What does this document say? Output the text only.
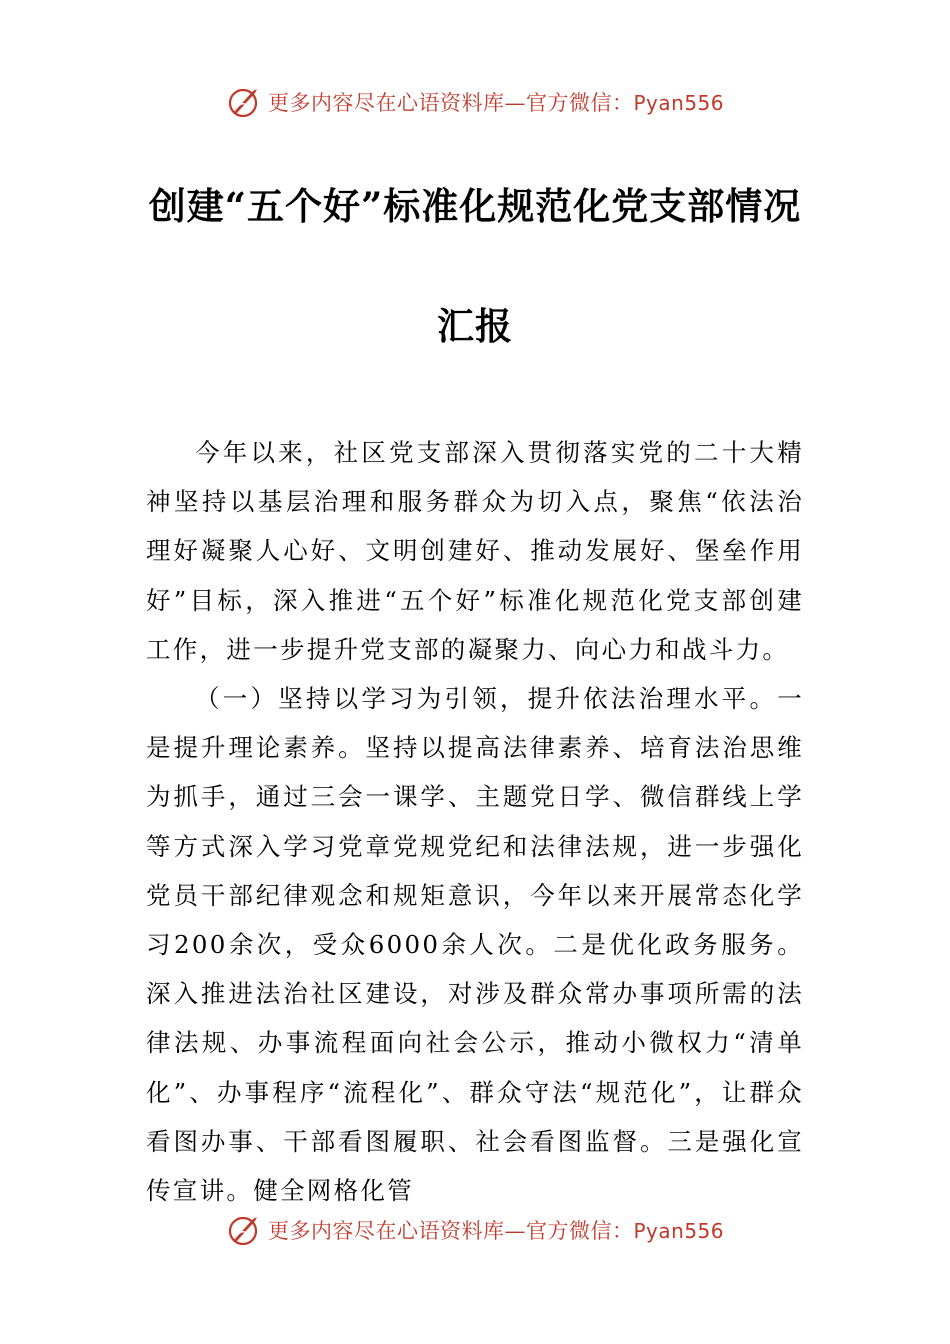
更多内容尽在心语资料库—官方微信：Pyan556
创建“五个好”标准化规范化党支部情况
汇报

今年以来，社区党支部深入贯彻落实党的二十大精神坚持以基层治理和服务群众为切入点，聚焦“依法治理好凝聚人心好、文明创建好、推动发展好、堡垒作用好”目标，深入推进“五个好”标准化规范化党支部创建工作，进一步提升党支部的凝聚力、向心力和战斗力。

（一）坚持以学习为引领，提升依法治理水平。一是提升理论素养。坚持以提高法律素养、培育法治思维为抓手，通过三会一课学、主题党日学、微信群线上学等方式深入学习党章党规党纪和法律法规，进一步强化党员干部纪律观念和规矩意识，今年以来开展常态化学习200余次，受众6000余人次。二是优化政务服务。深入推进法治社区建设，对涉及群众常办事项所需的法律法规、办事流程面向社会公示，推动小微权力“清单化”、办事程序“流程化”、群众守法“规范化”，让群众看图办事、干部看图履职、社会看图监督。三是强化宣传宣讲。健全网格化管

更多内容尽在心语资料库—官方微信：Pyan556
